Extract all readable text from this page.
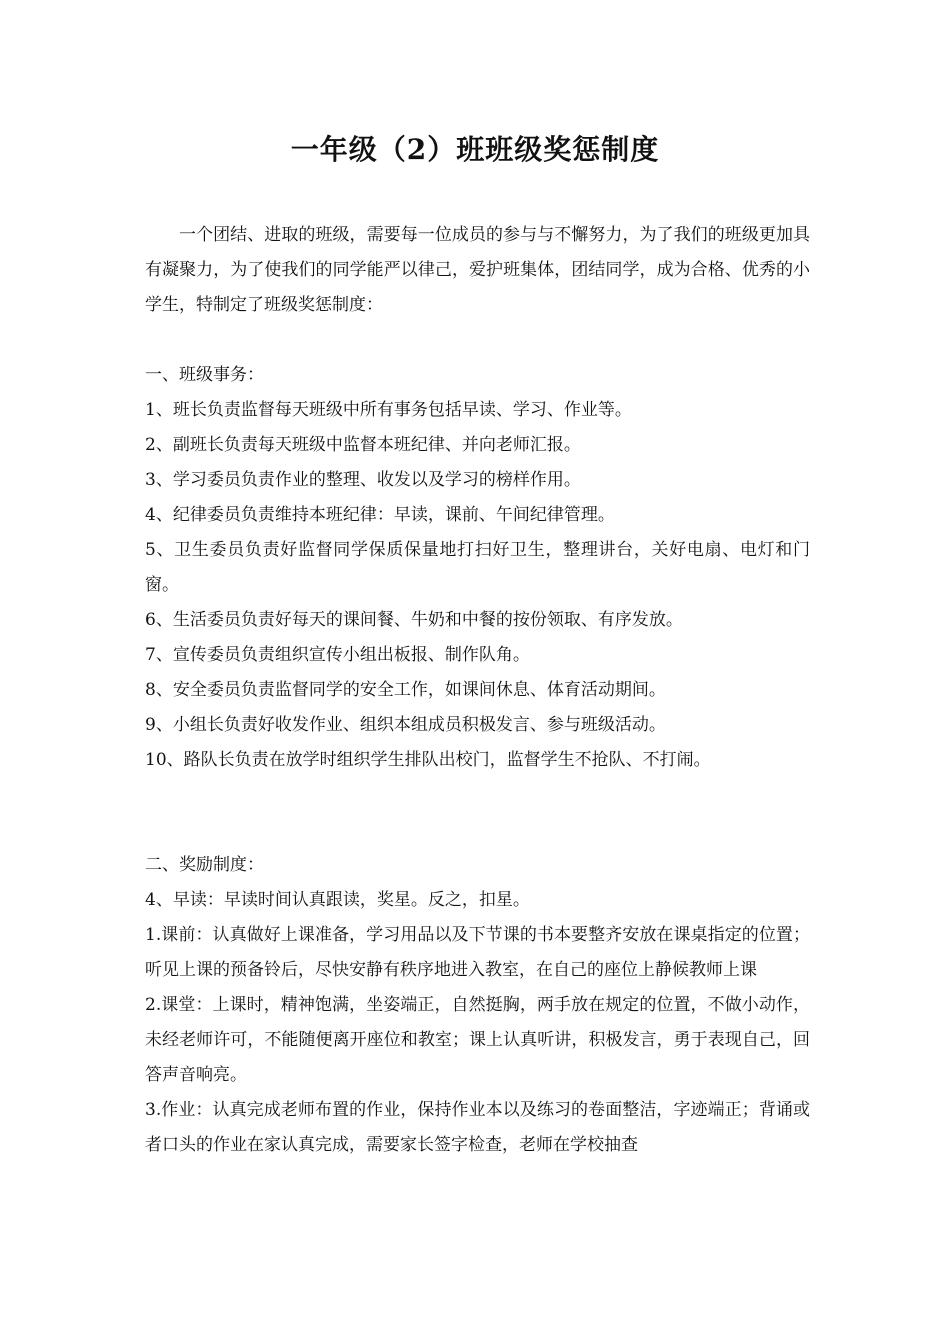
一年级（2）班班级奖惩制度

一个团结、进取的班级，需要每一位成员的参与与不懈努力，为了我们的班级更加具有凝聚力，为了使我们的同学能严以律己，爱护班集体，团结同学，成为合格、优秀的小学生，特制定了班级奖惩制度：

一、班级事务：

1、班长负责监督每天班级中所有事务包括早读、学习、作业等。

2、副班长负责每天班级中监督本班纪律、并向老师汇报。

3、学习委员负责作业的整理、收发以及学习的榜样作用。

4、纪律委员负责维持本班纪律：早读，课前、午间纪律管理。

5、卫生委员负责好监督同学保质保量地打扫好卫生，整理讲台，关好电扇、电灯和门窗。

6、生活委员负责好每天的课间餐、牛奶和中餐的按份领取、有序发放。

7、宣传委员负责组织宣传小组出板报、制作队角。

8、安全委员负责监督同学的安全工作，如课间休息、体育活动期间。

9、小组长负责好收发作业、组织本组成员积极发言、参与班级活动。

10、路队长负责在放学时组织学生排队出校门，监督学生不抢队、不打闹。

二、奖励制度：

4、早读：早读时间认真跟读，奖星。反之，扣星。

1.课前：认真做好上课准备，学习用品以及下节课的书本要整齐安放在课桌指定的位置；听见上课的预备铃后，尽快安静有秩序地进入教室，在自己的座位上静候教师上课

2.课堂：上课时，精神饱满，坐姿端正，自然挺胸，两手放在规定的位置，不做小动作，未经老师许可，不能随便离开座位和教室；课上认真听讲，积极发言，勇于表现自己，回答声音响亮。

3.作业：认真完成老师布置的作业，保持作业本以及练习的卷面整洁，字迹端正；背诵或者口头的作业在家认真完成，需要家长签字检查，老师在学校抽查
